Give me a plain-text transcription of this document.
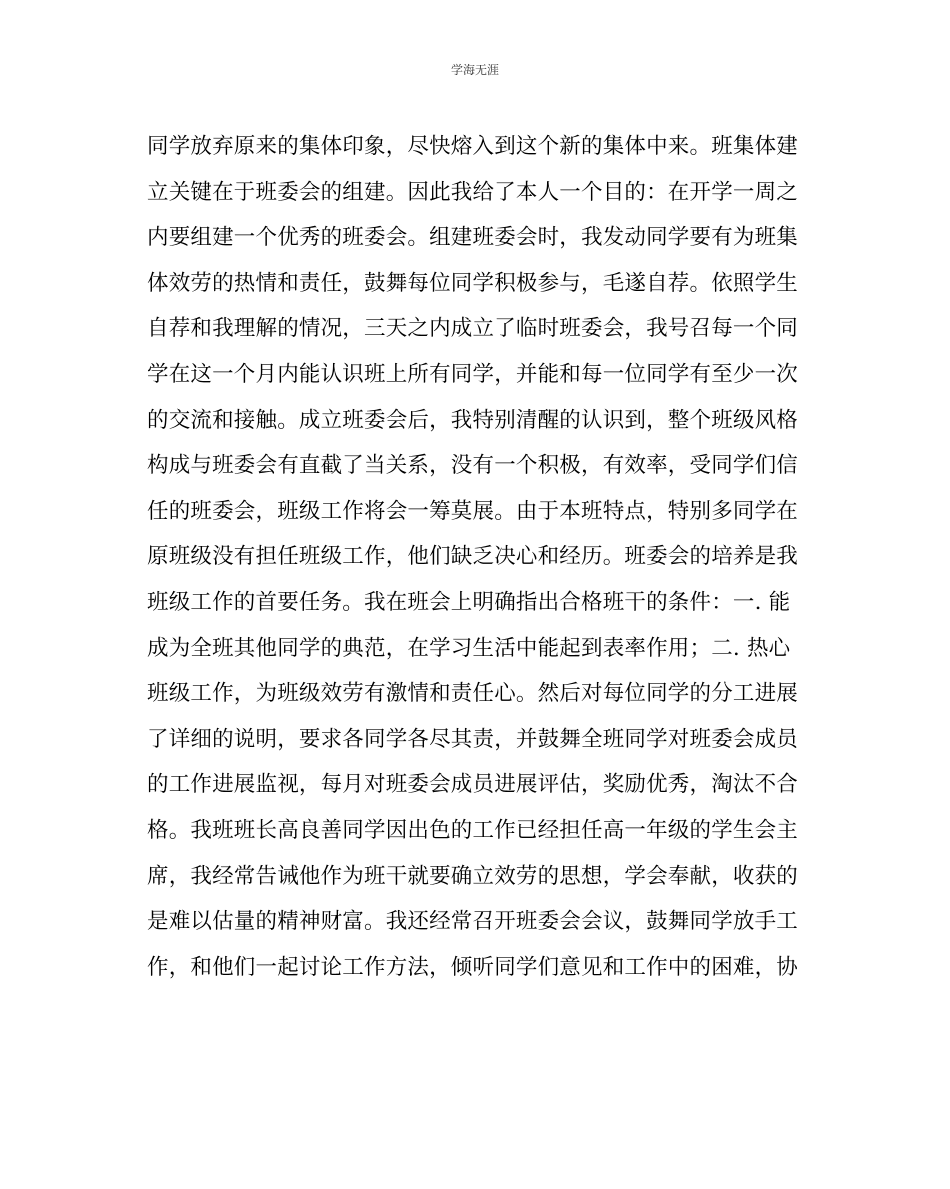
学海无涯
同学放弃原来的集体印象，尽快熔入到这个新的集体中来。班集体建
立关键在于班委会的组建。因此我给了本人一个目的：在开学一周之
内要组建一个优秀的班委会。组建班委会时，我发动同学要有为班集
体效劳的热情和责任，鼓舞每位同学积极参与，毛遂自荐。依照学生
自荐和我理解的情况，三天之内成立了临时班委会，我号召每一个同
学在这一个月内能认识班上所有同学，并能和每一位同学有至少一次
的交流和接触。成立班委会后，我特别清醒的认识到，整个班级风格
构成与班委会有直截了当关系，没有一个积极，有效率，受同学们信
任的班委会，班级工作将会一筹莫展。由于本班特点，特别多同学在
原班级没有担任班级工作，他们缺乏决心和经历。班委会的培养是我
班级工作的首要任务。我在班会上明确指出合格班干的条件：一. 能
成为全班其他同学的典范，在学习生活中能起到表率作用；二. 热心
班级工作，为班级效劳有激情和责任心。然后对每位同学的分工进展
了详细的说明，要求各同学各尽其责，并鼓舞全班同学对班委会成员
的工作进展监视，每月对班委会成员进展评估，奖励优秀，淘汰不合
格。我班班长高良善同学因出色的工作已经担任高一年级的学生会主
席，我经常告诫他作为班干就要确立效劳的思想，学会奉献，收获的
是难以估量的精神财富。我还经常召开班委会会议，鼓舞同学放手工
作，和他们一起讨论工作方法，倾听同学们意见和工作中的困难，协
